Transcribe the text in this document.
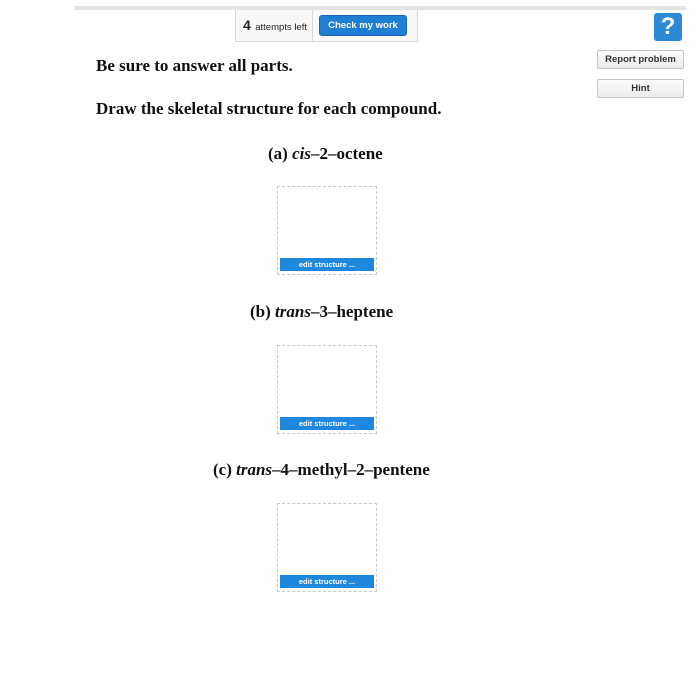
4 attempts left	Check my work	?
Report problem
Hint
Be sure to answer all parts.
Draw the skeletal structure for each compound.
(a) cis‒2‒octene
edit structure ...
(b) trans‒3‒heptene
edit structure ...
(c) trans‒4‒methyl‒2‒pentene
edit structure ...
